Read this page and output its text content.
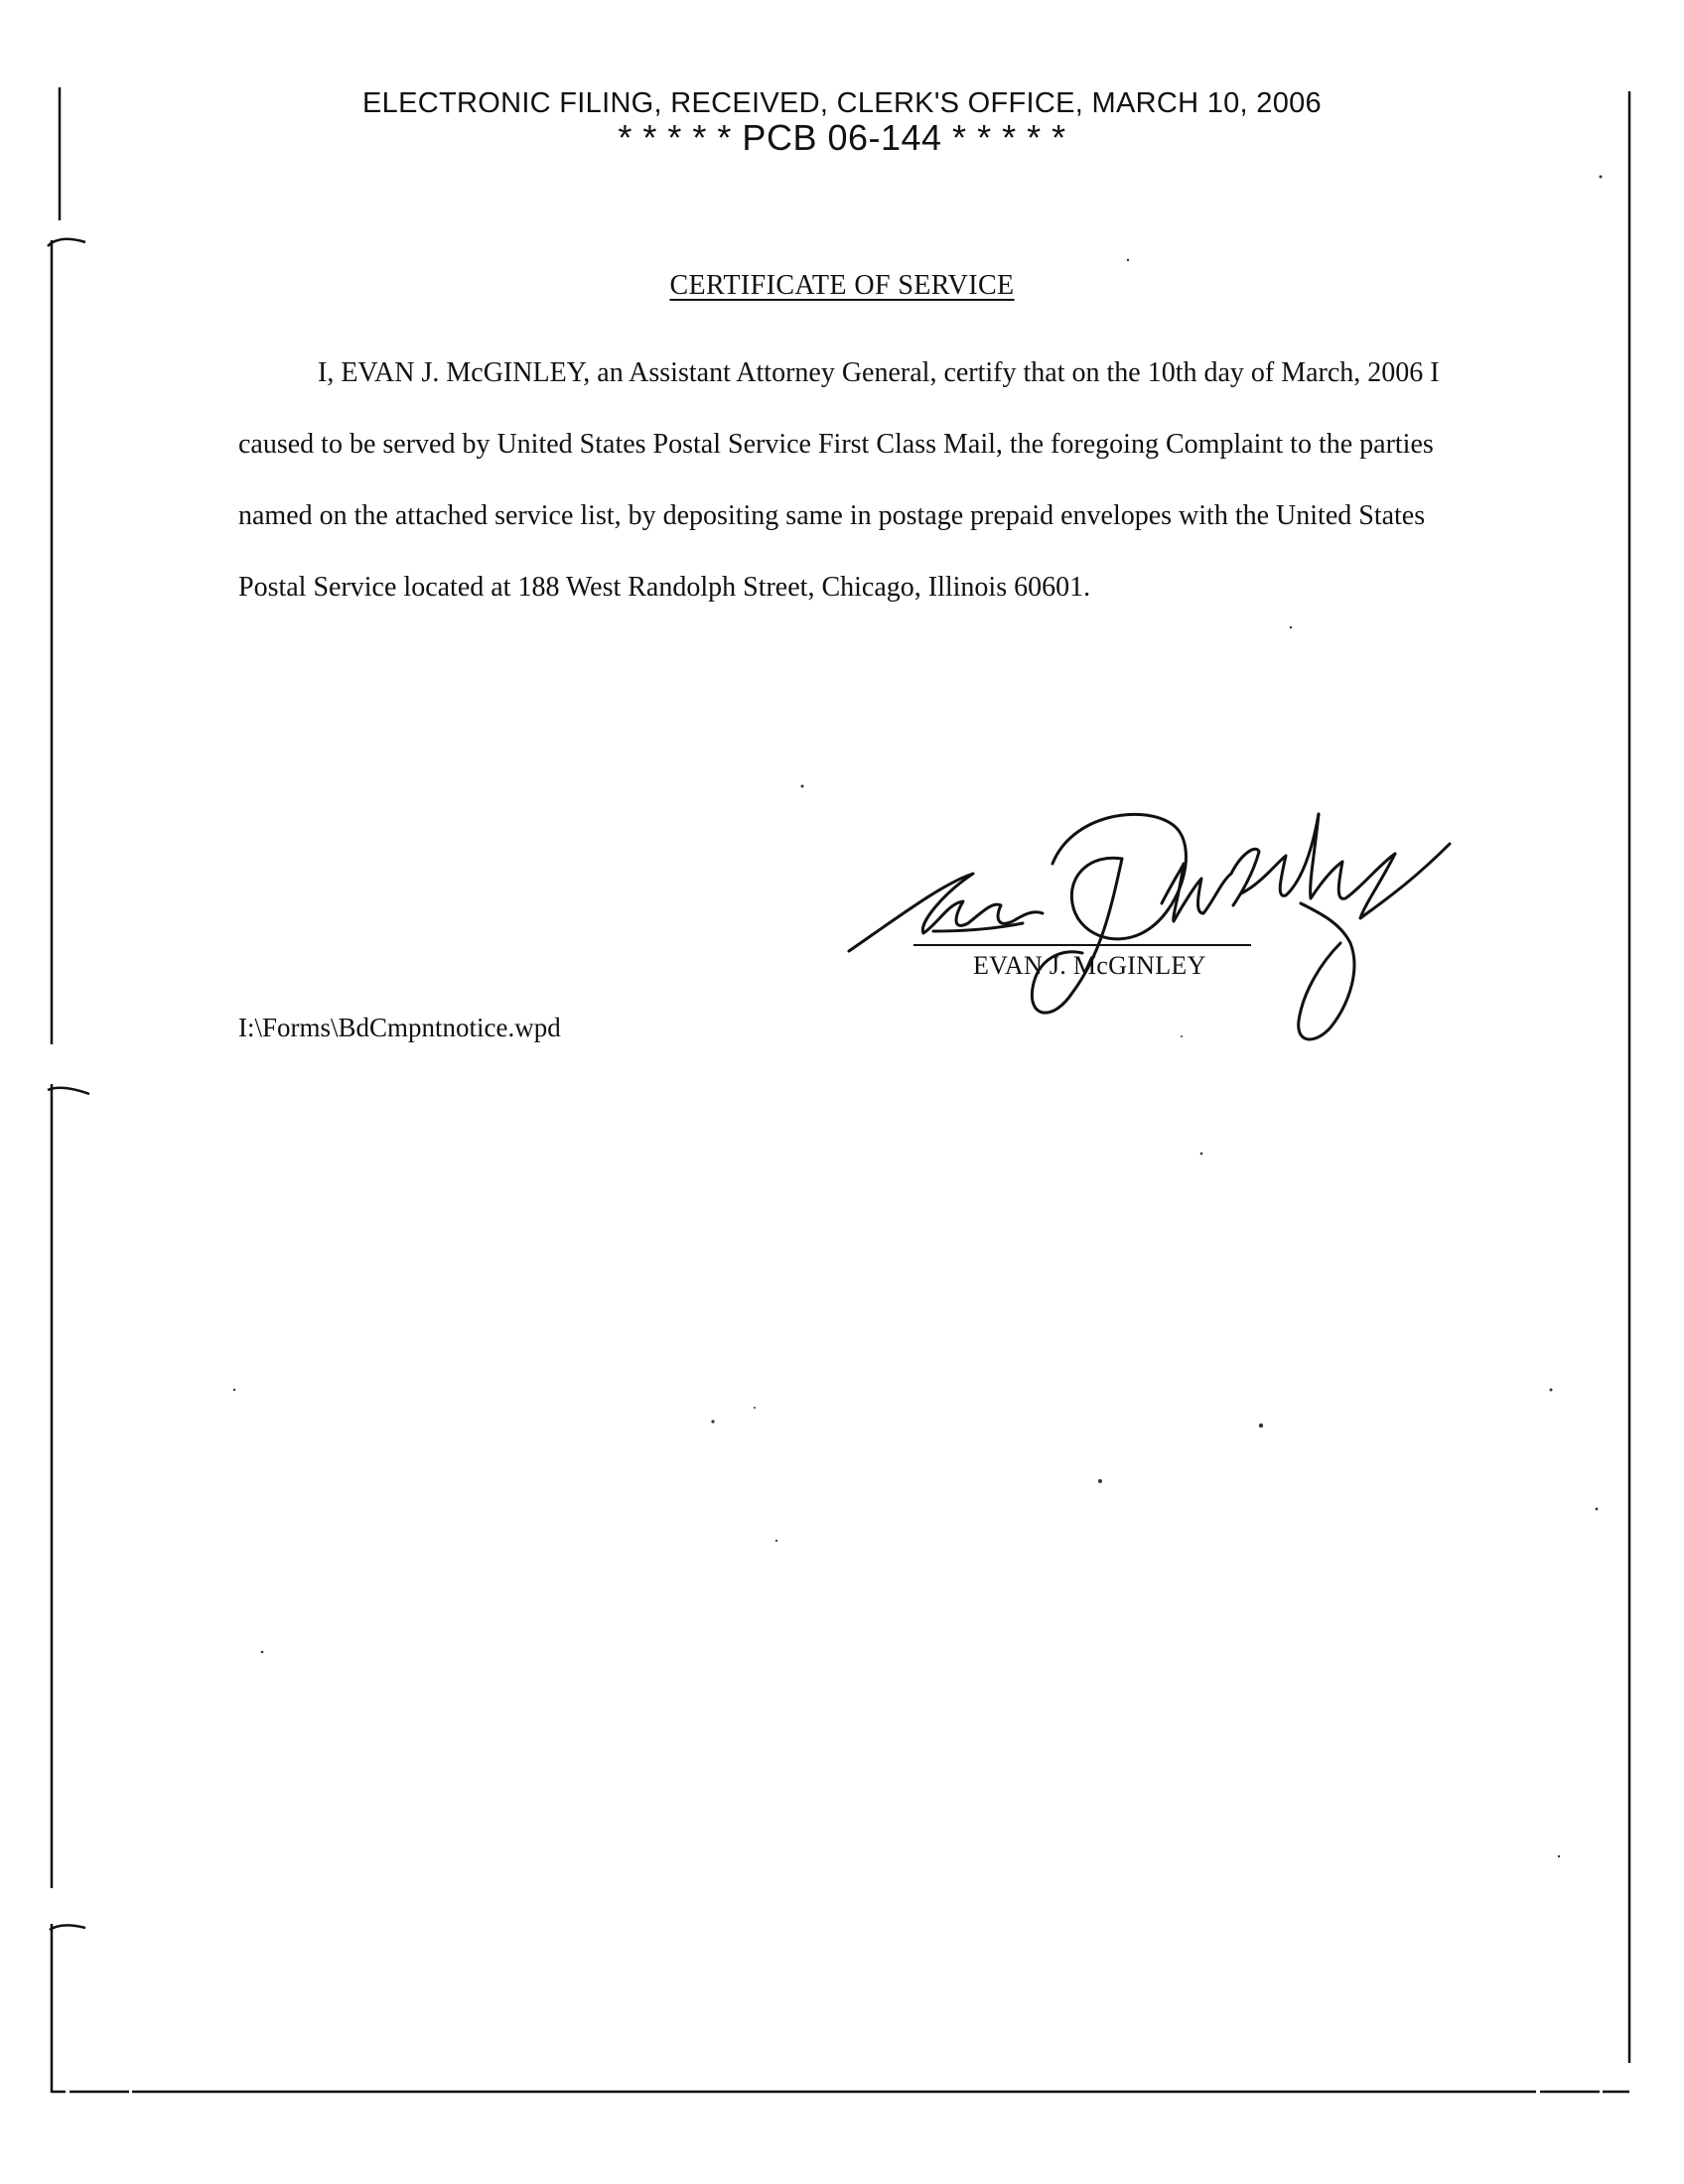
ELECTRONIC FILING, RECEIVED, CLERK'S OFFICE, MARCH 10, 2006
* * * * * PCB 06-144 * * * * *
CERTIFICATE OF SERVICE
I, EVAN J. McGINLEY, an Assistant Attorney General, certify that on the 10th day of March, 2006 I caused to be served by United States Postal Service First Class Mail, the foregoing Complaint to the parties named on the attached service list, by depositing same in postage prepaid envelopes with the United States Postal Service located at 188 West Randolph Street, Chicago, Illinois 60601.
EVAN J. McGINLEY
I:\Forms\BdCmpntnotice.wpd
